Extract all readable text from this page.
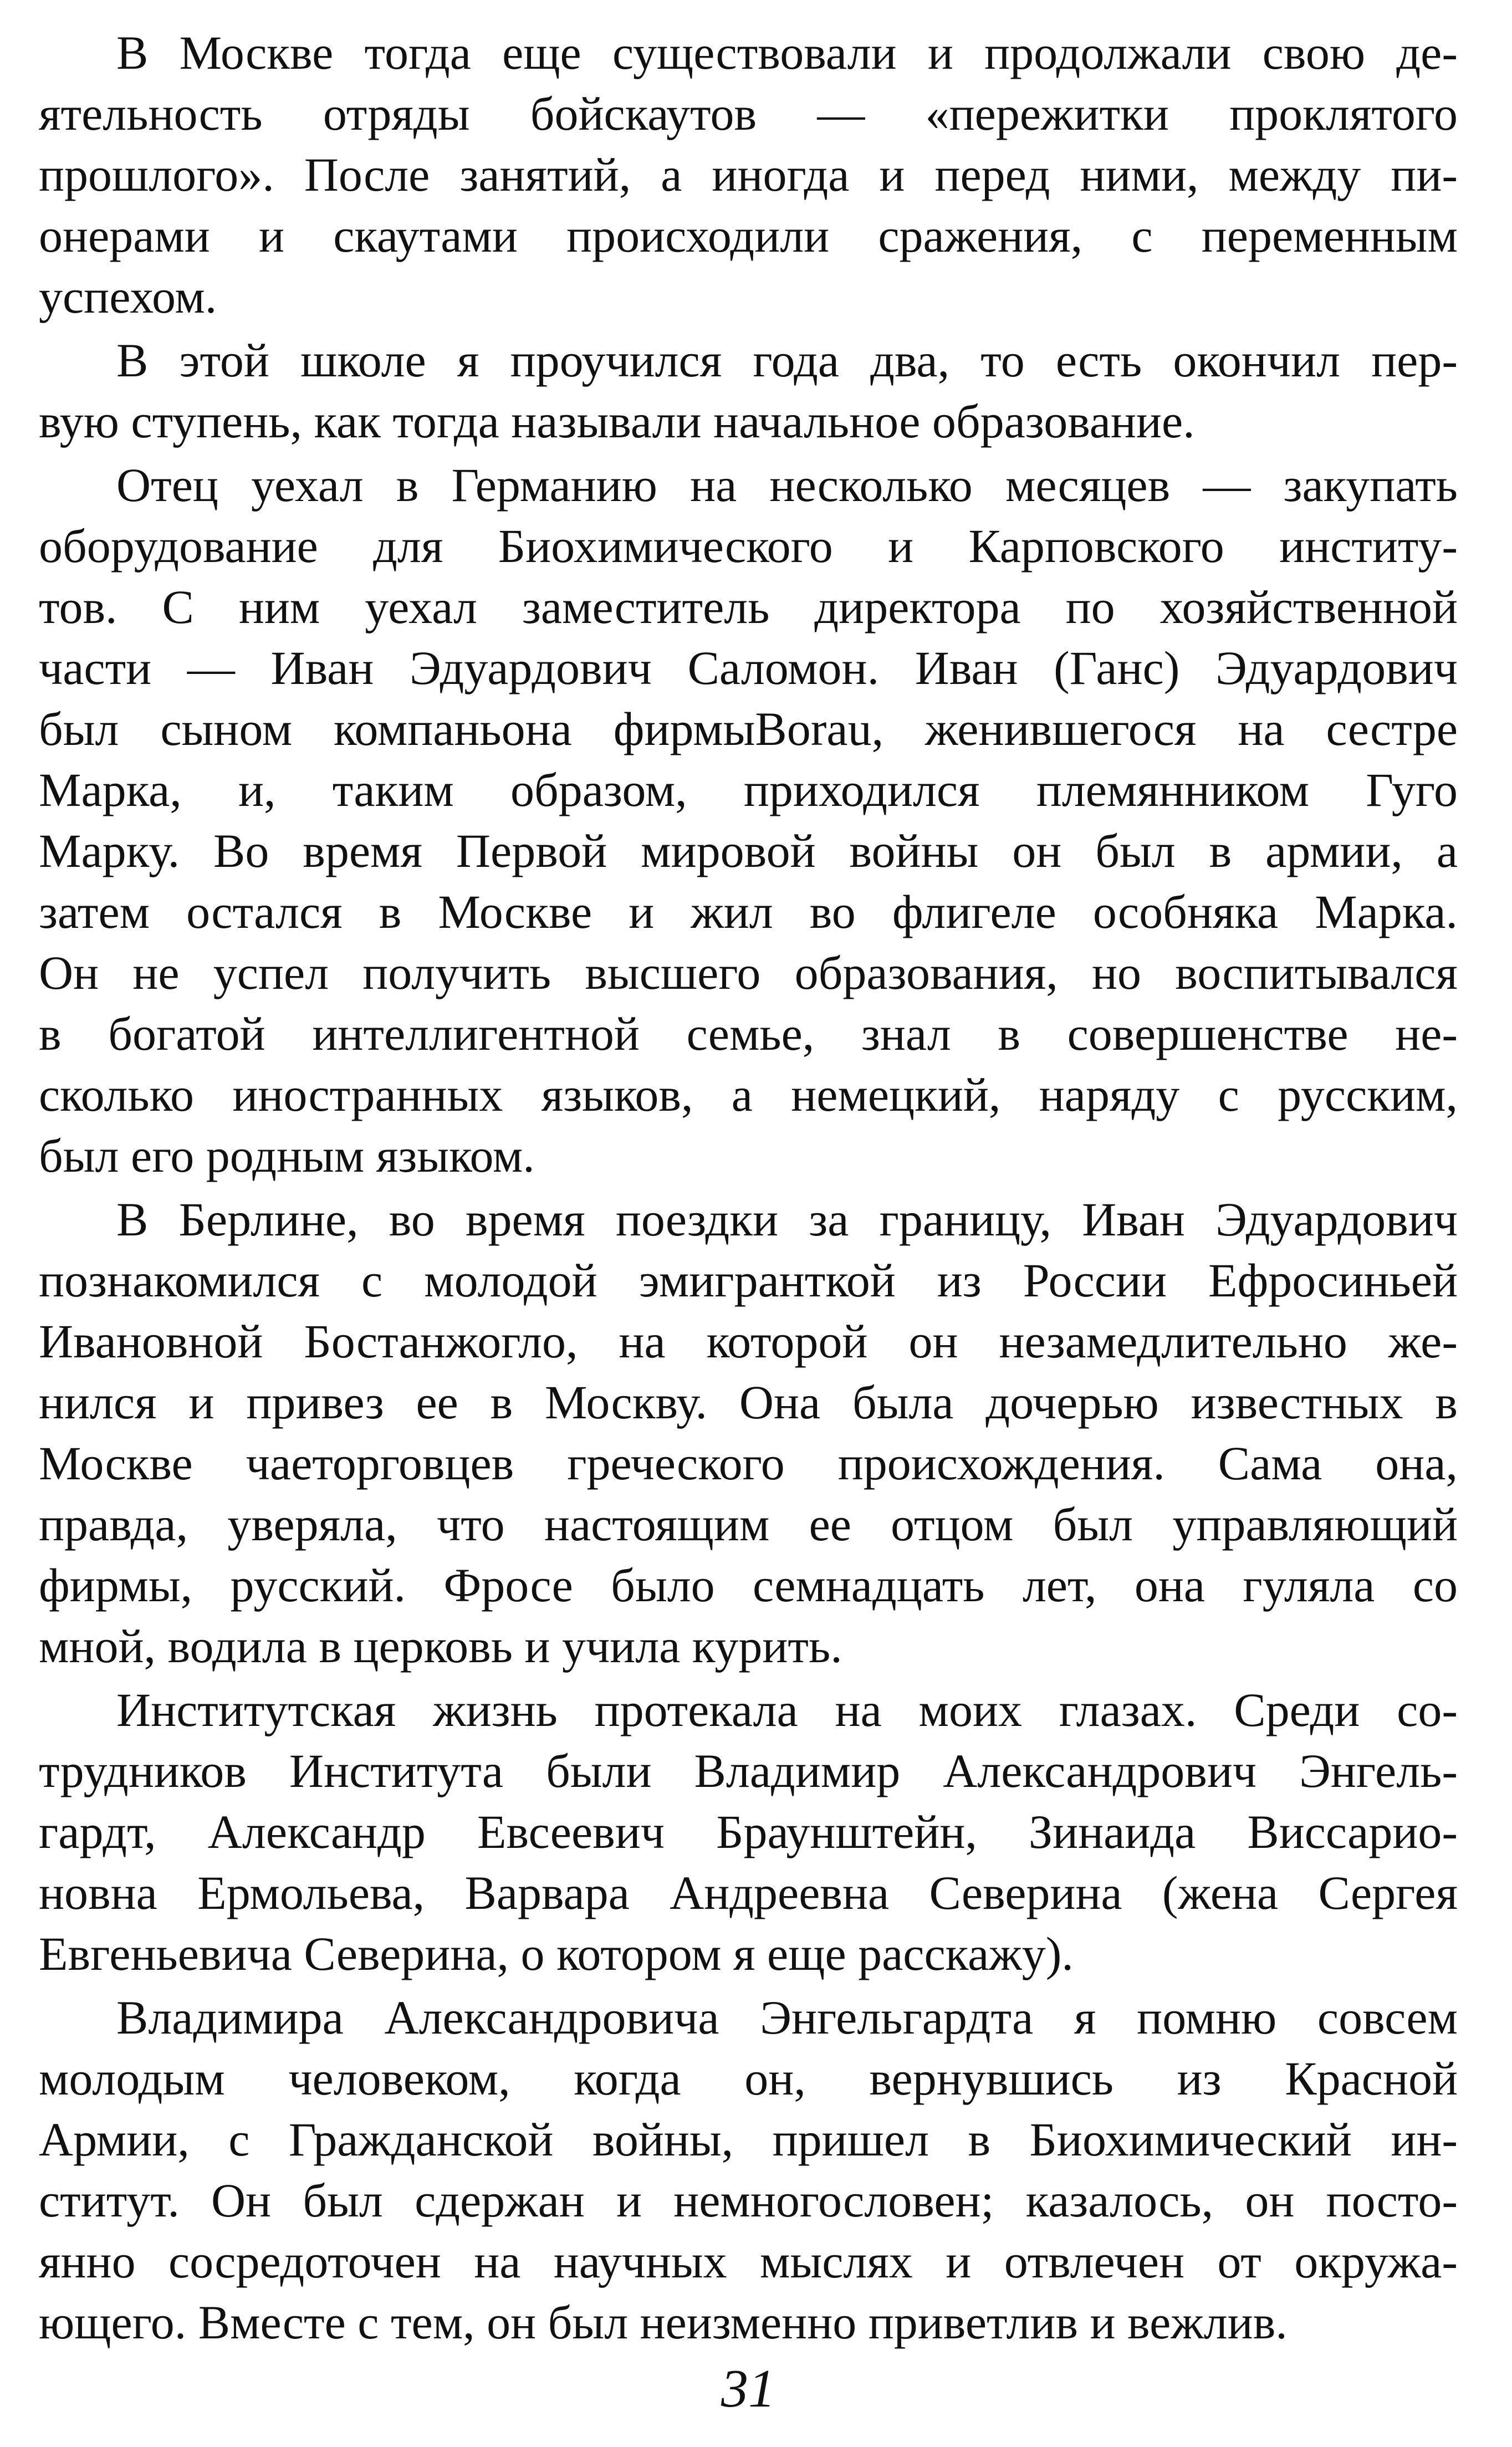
В Москве тогда еще существовали и продолжали свою де-
ятельность отряды бойскаутов — «пережитки проклятого
прошлого». После занятий, а иногда и перед ними, между пи-
онерами и скаутами происходили сражения, с переменным
успехом.
В этой школе я проучился года два, то есть окончил пер-
вую ступень, как тогда называли начальное образование.
Отец уехал в Германию на несколько месяцев — закупать
оборудование для Биохимического и Карповского институ-
тов. С ним уехал заместитель директора по хозяйственной
части — Иван Эдуардович Саломон. Иван (Ганс) Эдуардович
был сыном компаньона фирмыBorau, женившегося на сестре
Марка, и, таким образом, приходился племянником Гуго
Марку. Во время Первой мировой войны он был в армии, а
затем остался в Москве и жил во флигеле особняка Марка.
Он не успел получить высшего образования, но воспитывался
в богатой интеллигентной семье, знал в совершенстве не-
сколько иностранных языков, а немецкий, наряду с русским,
был его родным языком.
В Берлине, во время поездки за границу, Иван Эдуардович
познакомился с молодой эмигранткой из России Ефросиньей
Ивановной Бостанжогло, на которой он незамедлительно же-
нился и привез ее в Москву. Она была дочерью известных в
Москве чаеторговцев греческого происхождения. Сама она,
правда, уверяла, что настоящим ее отцом был управляющий
фирмы, русский. Фросе было семнадцать лет, она гуляла со
мной, водила в церковь и учила курить.
Институтская жизнь протекала на моих глазах. Среди со-
трудников Института были Владимир Александрович Энгель-
гардт, Александр Евсеевич Браунштейн, Зинаида Виссарио-
новна Ермольева, Варвара Андреевна Северина (жена Сергея
Евгеньевича Северина, о котором я еще расскажу).
Владимира Александровича Энгельгардта я помню совсем
молодым человеком, когда он, вернувшись из Красной
Армии, с Гражданской войны, пришел в Биохимический ин-
ститут. Он был сдержан и немногословен; казалось, он посто-
янно сосредоточен на научных мыслях и отвлечен от окружа-
ющего. Вместе с тем, он был неизменно приветлив и вежлив.
31
